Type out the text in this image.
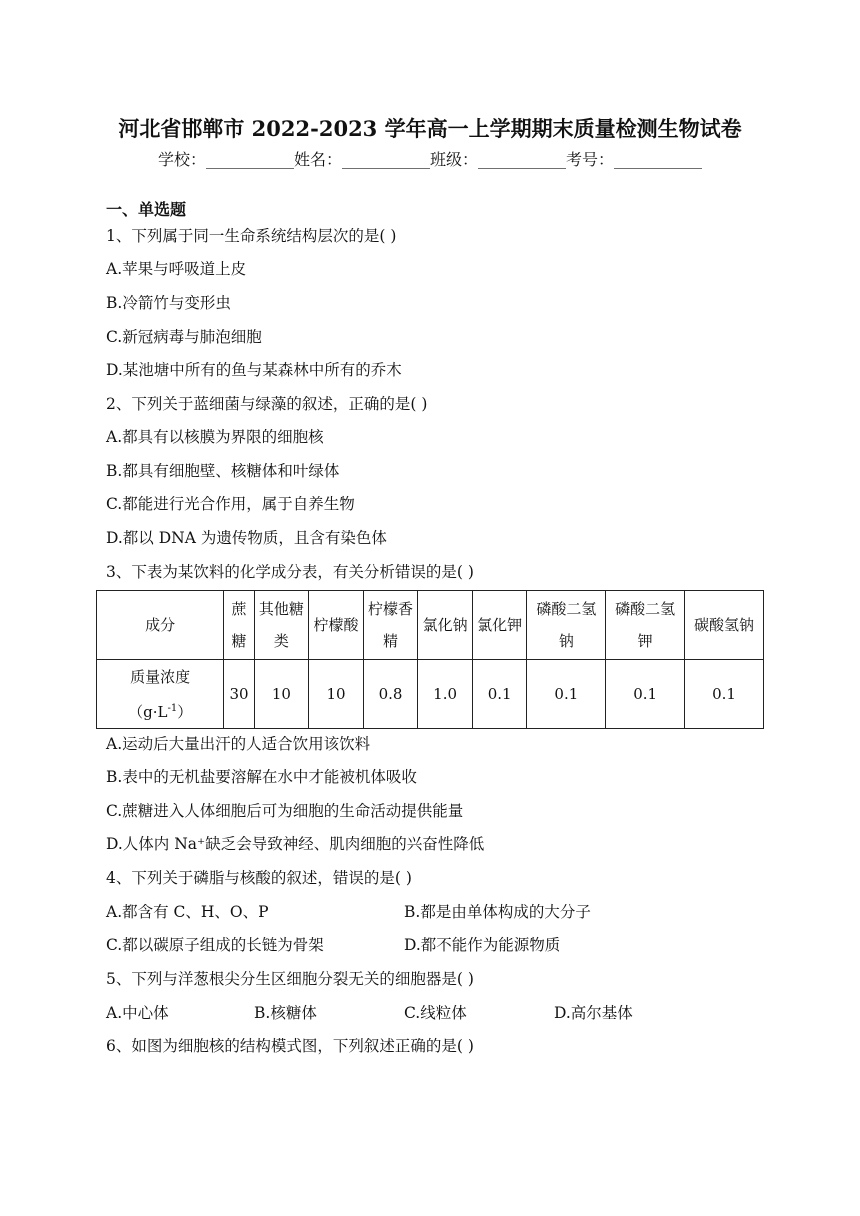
河北省邯郸市 2022-2023 学年高一上学期期末质量检测生物试卷
学校：___________姓名：___________班级：___________考号：___________
一、单选题
1、下列属于同一生命系统结构层次的是( )
A.苹果与呼吸道上皮
B.冷箭竹与变形虫
C.新冠病毒与肺泡细胞
D.某池塘中所有的鱼与某森林中所有的乔木
2、下列关于蓝细菌与绿藻的叙述，正确的是( )
A.都具有以核膜为界限的细胞核
B.都具有细胞壁、核糖体和叶绿体
C.都能进行光合作用，属于自养生物
D.都以 DNA 为遗传物质，且含有染色体
3、下表为某饮料的化学成分表，有关分析错误的是( )
成分	蔗糖	其他糖类	柠檬酸	柠檬香精	氯化钠	氯化钾	磷酸二氢钠	磷酸二氢钾	碳酸氢钠

质量浓度
$(g\cdot L^{-1})$	30	10	10	0.8	1.0	0.1	0.1	0.1	0.1
A.运动后大量出汗的人适合饮用该饮料
B.表中的无机盐要溶解在水中才能被机体吸收
C.蔗糖进入人体细胞后可为细胞的生命活动提供能量
D.人体内 Na⁺缺乏会导致神经、肌肉细胞的兴奋性降低
4、下列关于磷脂与核酸的叙述，错误的是( )
A.都含有 C、H、O、P	B.都是由单体构成的大分子
C.都以碳原子组成的长链为骨架	D.都不能作为能源物质
5、下列与洋葱根尖分生区细胞分裂无关的细胞器是( )
A.中心体	B.核糖体	C.线粒体	D.高尔基体
6、如图为细胞核的结构模式图，下列叙述正确的是( )
